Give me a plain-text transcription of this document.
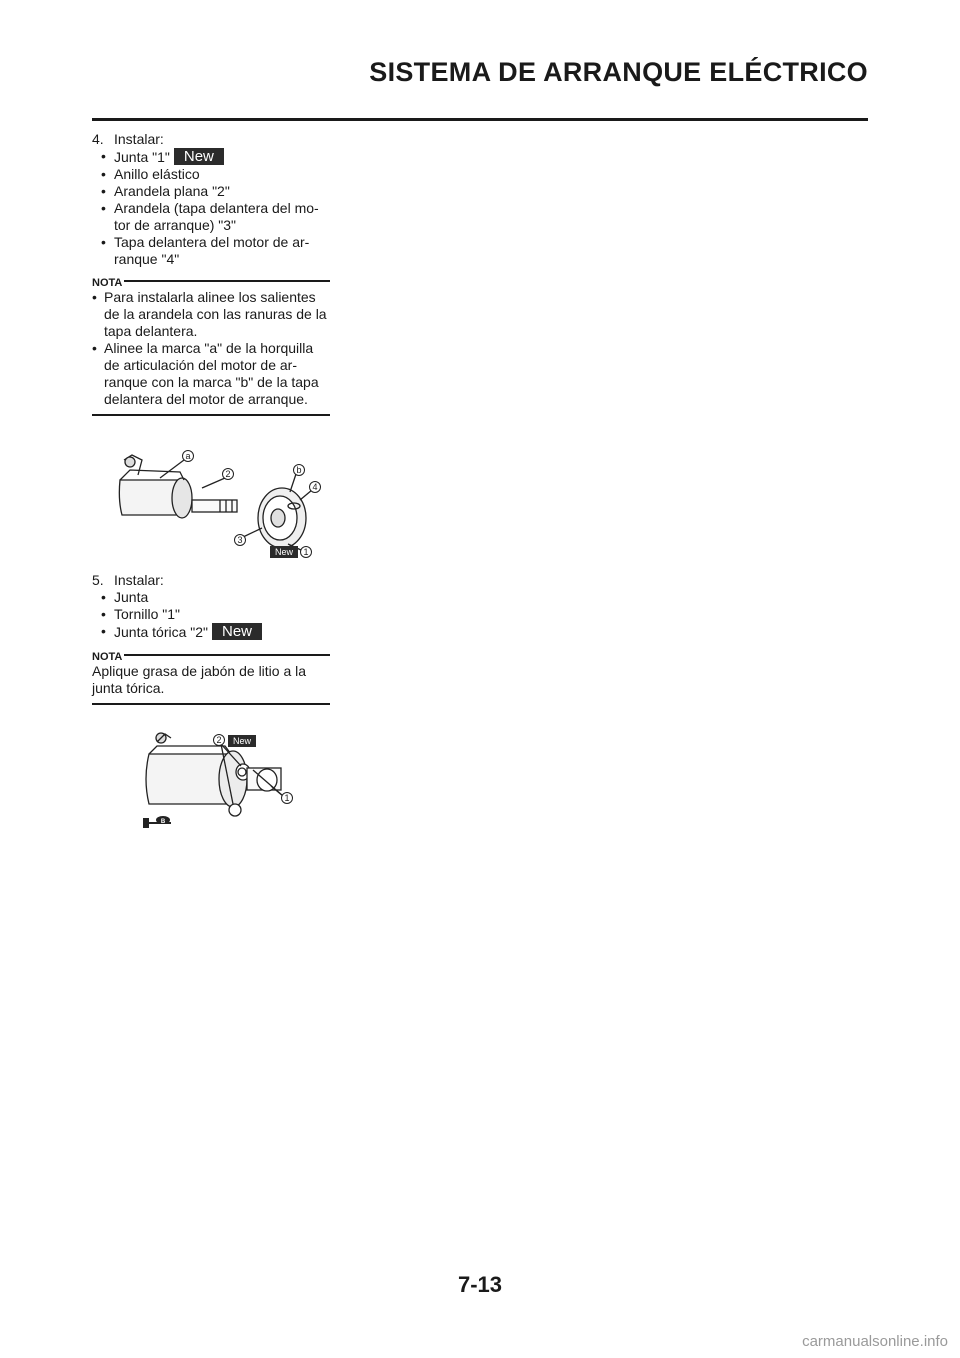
SISTEMA DE ARRANQUE ELÉCTRICO

4. Instalar:

• Junta "1" New
• Anillo elástico
• Arandela plana "2"
• Arandela (tapa delantera del mo-
tor de arranque) "3"
• Tapa delantera del motor de ar-
ranque "4"

NOTA

• Para instalarla alinee los salientes
de la arandela con las ranuras de la
tapa delantera.
• Alinee la marca "a" de la horquilla
de articulación del motor de ar-
ranque con la marca "b" de la tapa
delantera del motor de arranque.
a
2	b
4
3
1
New

5. Instalar:

• Junta
• Tornillo "1"
• Junta tórica "2" New

NOTA

Aplique grasa de jabón de litio a la
junta tórica.
2 New
1
B
7-13
carmanualsonline.info
